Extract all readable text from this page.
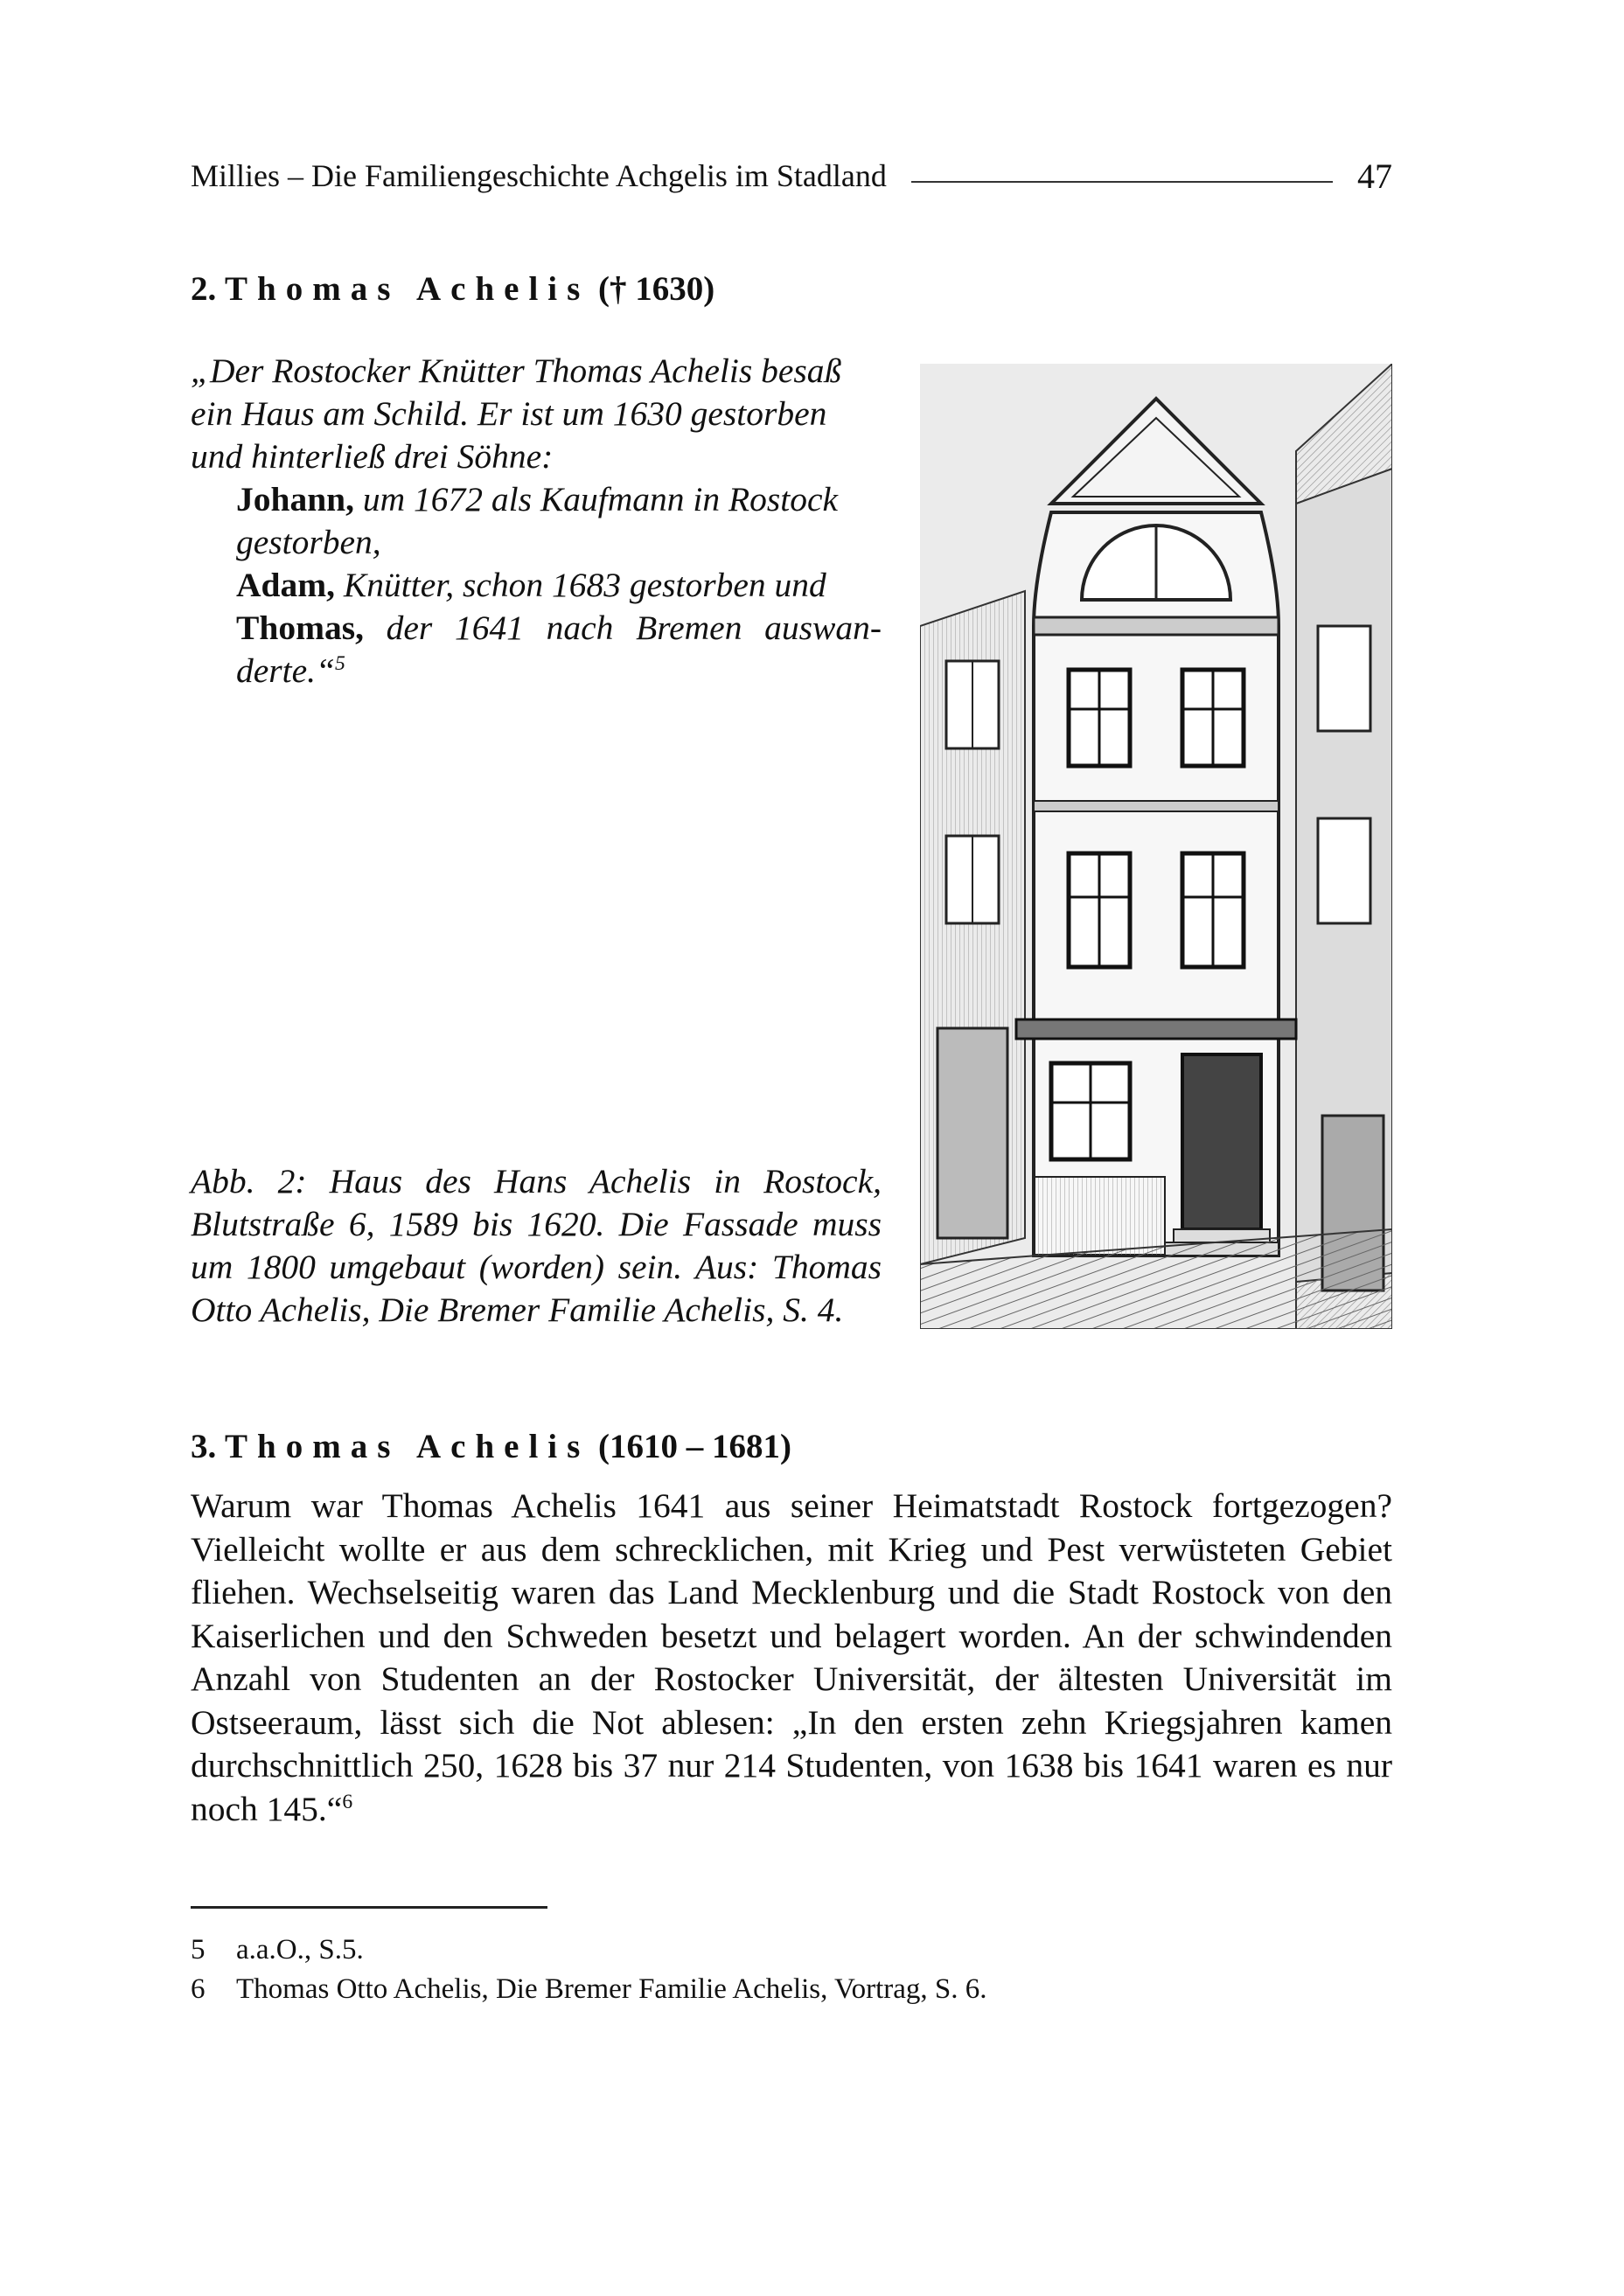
Millies – Die Familiengeschichte Achgelis im Stadland	47
2. Thomas Achelis († 1630)

„Der Rostocker Knütter Thomas Achelis besaß ein Haus am Schild. Er ist um 1630 gestorben und hinterließ drei Söhne:

Johann, um 1672 als Kaufmann in Rostock gestorben,

Adam, Knütter, schon 1683 gestorben und

Thomas, der 1641 nach Bremen auswan-

derte.“$^5$

Abb. 2: Haus des Hans Achelis in Rostock, Blutstraße 6, 1589 bis 1620. Die Fassade muss um 1800 umgebaut (worden) sein. Aus: Thomas Otto Achelis, Die Bremer Familie Achelis, S. 4.
3. Thomas Achelis (1610 – 1681)

Warum war Thomas Achelis 1641 aus seiner Heimatstadt Rostock fortgezogen? Vielleicht wollte er aus dem schrecklichen, mit Krieg und Pest verwüsteten Gebiet fliehen. Wechselseitig waren das Land Mecklenburg und die Stadt Rostock von den Kaiserlichen und den Schweden besetzt und belagert worden. An der schwindenden Anzahl von Studenten an der Rostocker Universität, der ältesten Universität im Ostseeraum, lässt sich die Not ablesen: „In den ersten zehn Kriegsjahren kamen durchschnittlich 250, 1628 bis 37 nur 214 Studenten, von 1638 bis 1641 waren es nur noch 145.“$^6$

5	a.a.O., S.5.
6	Thomas Otto Achelis, Die Bremer Familie Achelis, Vortrag, S. 6.
